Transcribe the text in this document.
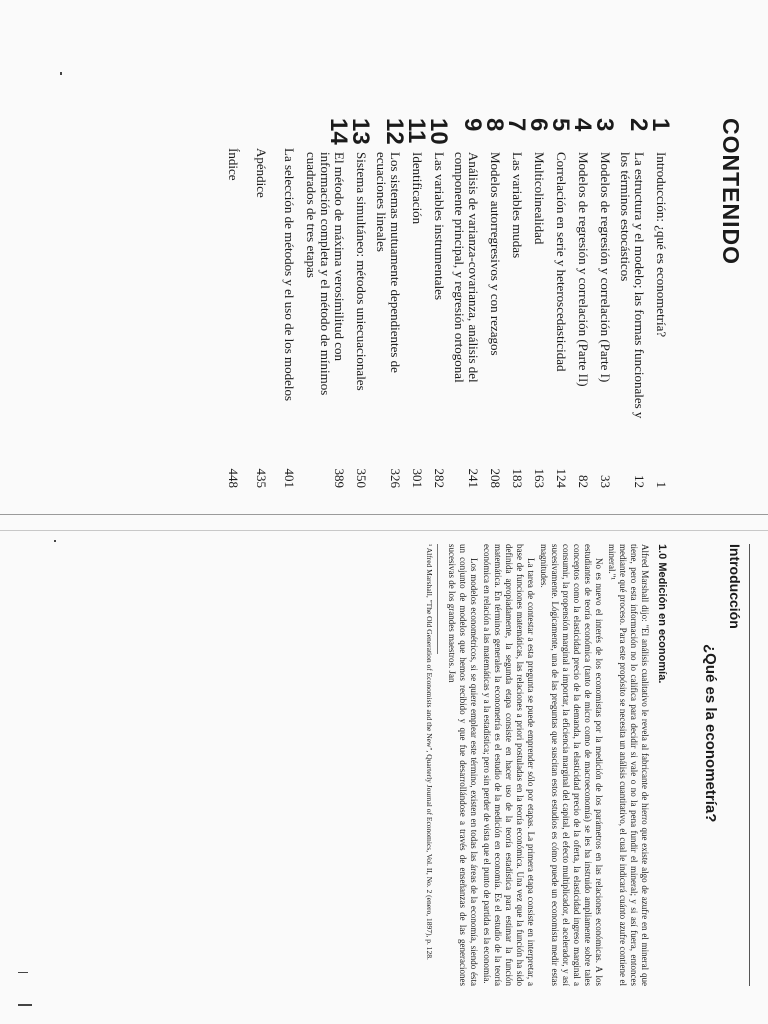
CONTENIDO
1
Introducción: ¿qué es econometría?
1
2
La estructura y el modelo; las formas funcionales y los términos estocásticos
12
3
Modelos de regresión y correlación (Parte I)
33
4
Modelos de regresión y correlación (Parte II)
82
5
Correlación en serie y heteroscedasticidad
124
6
Multicolinealidad
163
7
Las variables mudas
183
8
Modelos autorregresivos y con rezagos
208
9
Análisis de varianza-covarianza, análisis del componente principal, y regresión ortogonal
241
10
Las variables instrumentales
282
11
Identificación
301
12
Los sistemas mutuamente dependientes de ecuaciones lineales
326
13
Sistema simultáneo: métodos uniecuacionales
350
14
El método de máxima verosimilitud con información completa y el método de mínimos cuadrados de tres etapas
389
La selección de métodos y el uso de los modelos
401
Apéndice
435
Índice
448
Introducción
¿Qué es la econometría?
1.0 Medición en economía.

Alfred Marshall dijo: "El análisis cualitativo le revela al fabricante de hierro que existe algo de azufre en el mineral que tiene, pero esta información no lo califica para decidir si vale o no la pena fundir el mineral; y si así fuera, entonces mediante qué proceso. Para este propósito se necesita un análisis cuantitativo, el cual le indicará cuánto azufre contiene el mineral."¹

No es nuevo el interés de los economistas por la medición de los parámetros en las relaciones económicas. A los estudiantes de teoría económica (tanto de micro como de macroeconomía) se les ha instruido ampliamente sobre tales conceptos como la elasticidad precio de la demanda, la elasticidad precio de la oferta, la elasticidad ingreso marginal a consumir, la propensión marginal a importar, la eficiencia marginal del capital, el efecto multiplicador, el acelerador, y así sucesivamente. Lógicamente, una de las preguntas que suscitan estos estudios es cómo puede un economista medir estas magnitudes.

La tarea de contestar a esta pregunta se puede emprender sólo por etapas. La primera etapa consiste en interpretar, a base de funciones matemáticas, las relaciones a priori postuladas en la teoría económica. Una vez que la función ha sido definida apropiadamente, la segunda etapa consiste en hacer uso de la teoría estadística para estimar la función matemática. En términos generales la econometría es el estudio de la medición en economía. Es el estudio de la teoría económica en relación a las matemáticas y a la estadística; pero sin perder de vista que el punto de partida es la economía.

Los modelos econométricos, si se quiere emplear este término, existen en todas las áreas de la economía, siendo ésta un conjunto de modelos que hemos recibido y que fue desarrollándose a través de enseñanzas de las generaciones sucesivas de los grandes maestros. Jan

¹ Alfred Marshall, "The Old Generation of Economists and the New", Quarterly Journal of Economics, Vol. II, No. 2 (enero, 1897), p. 128.
